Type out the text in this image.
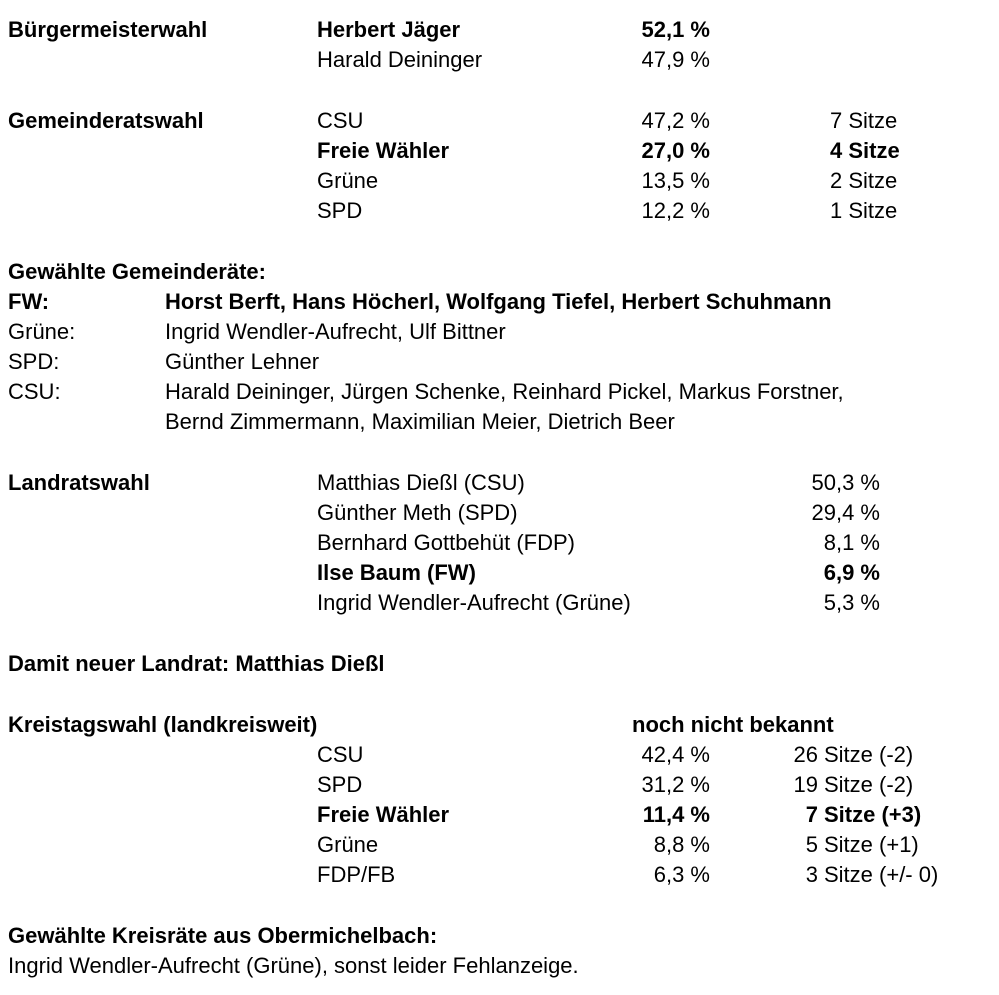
Bürgermeisterwahl	Herbert Jäger	52,1 %
Harald Deininger	47,9 %
Gemeinderatswahl	CSU	47,2 %	7 Sitze
Freie Wähler	27,0 %	4 Sitze
Grüne	13,5 %	2 Sitze
SPD	12,2 %	1 Sitze
Gewählte Gemeinderäte:
FW:	Horst Berft, Hans Höcherl, Wolfgang Tiefel, Herbert Schuhmann
Grüne:	Ingrid Wendler-Aufrecht, Ulf Bittner
SPD:	Günther Lehner
CSU:	Harald Deininger, Jürgen Schenke, Reinhard Pickel, Markus Forstner,
Bernd Zimmermann, Maximilian Meier, Dietrich Beer
Landratswahl	Matthias Dießl (CSU)	50,3 %
Günther Meth (SPD)	29,4 %
Bernhard Gottbehüt (FDP)	8,1 %
Ilse Baum (FW)	6,9 %
Ingrid Wendler-Aufrecht (Grüne)	5,3 %
Damit neuer Landrat: Matthias Dießl
Kreistagswahl (landkreisweit)	noch nicht bekannt
CSU	42,4 %	26 Sitze (-2)
SPD	31,2 %	19 Sitze (-2)
Freie Wähler	11,4 %	7 Sitze (+3)
Grüne	8,8 %	5 Sitze (+1)
FDP/FB	6,3 %	3 Sitze (+/- 0)
Gewählte Kreisräte aus Obermichelbach:
Ingrid Wendler-Aufrecht (Grüne), sonst leider Fehlanzeige.
